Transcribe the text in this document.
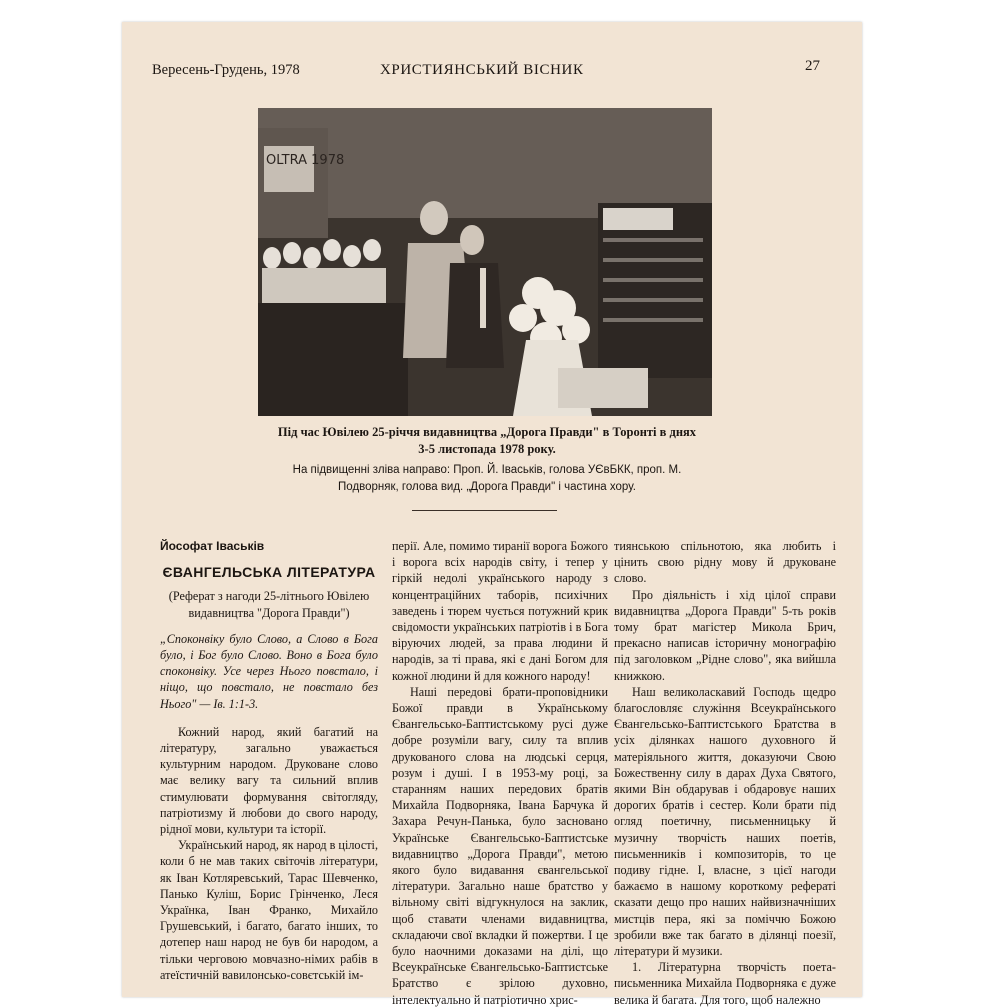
Вересень-Грудень, 1978	ХРИСТИЯНСЬКИЙ ВІСНИК	27
OLTRA 1978
Під час Ювілею 25-річчя видавництва „Дорога Правди" в Торонті в днях 3-5 листопада 1978 року.
На підвищенні зліва направо: Проп. Й. Іваськів, голова УЄвБКК, проп. М. Подворняк, голова вид. „Дорога Правди" і частина хору.

Йософат Іваськів

ЄВАНГЕЛЬСЬКА ЛІТЕРАТУРА

(Реферат з нагоди 25-літнього Ювілею видавництва "Дорога Правди")

„Споконвіку було Слово, а Слово в Бога було, і Бог було Слово. Воно в Бога було споконвіку. Усе через Нього повстало, і ніщо, що повстало, не повстало без Нього" — Ів. 1:1-3.

Кожний народ, який багатий на літературу, загально уважається культурним народом. Друковане слово має велику вагу та сильний вплив стимулювати формування світогляду, патріотизму й любови до свого народу, рідної мови, культури та історії.

Український народ, як народ в цілості, коли б не мав таких світочів літератури, як Іван Котляревський, Тарас Шевченко, Панько Куліш, Борис Грінченко, Леся Українка, Іван Франко, Михайло Грушевський, і багато, багато інших, то дотепер наш народ не був би народом, а тільки черговою мовчазно-німих рабів в атеїстичній вавилонсько-совєтській ім-

перії. Але, помимо тиранії ворога Божого і ворога всіх народів світу, і тепер у гіркій недолі українського народу з концентраційних таборів, психічних заведень і тюрем чується потужний крик свідомости українських патріотів і в Бога віруючих людей, за права людини й народів, за ті права, які є дані Богом для кожної людини й для кожного народу!

Наші передові брати-проповідники Божої правди в Українському Євангельсько-Баптистському русі дуже добре розуміли вагу, силу та вплив друкованого слова на людські серця, розум і душі. І в 1953-му році, за старанням наших передових братів Михайла Подворняка, Івана Барчука й Захара Речун-Панька, було засновано Українське Євангельсько-Баптистське видавництво „Дорога Правди", метою якого було видавання євангельської літератури. Загально наше братство у вільному світі відгукнулося на заклик, щоб ставати членами видавництва, складаючи свої вкладки й пожертви. І це було наочними доказами на ділі, що Всеукраїнське Євангельсько-Баптистське Братство є зрілою духовно, інтелектуально й патріотично хрис-

тиянською спільнотою, яка любить і цінить свою рідну мову й друковане слово.

Про діяльність і хід цілої справи видавництва „Дорога Правди" 5-ть років тому брат магістер Микола Брич, прекасно написав історичну монографію під заголовком „Рідне слово", яка вийшла книжкою.

Наш великоласкавий Господь щедро благословляє служіння Всеукраїнського Євангельсько-Баптистського Братства в усіх ділянках нашого духовного й матеріяльного життя, доказуючи Свою Божественну силу в дарах Духа Святого, якими Він обдарував і обдаровує наших дорогих братів і сестер. Коли брати під огляд поетичну, письменницьку й музичну творчість наших поетів, письменників і композиторів, то це подиву гідне. І, власне, з цієї нагоди бажаємо в нашому короткому рефераті сказати дещо про наших найвизначніших мистців пера, які за поміччю Божою зробили вже так багато в ділянці поезії, літератури й музики.

1. Літературна творчість поета-письменника Михайла Подворняка є дуже велика й багата. Для того, щоб належно
